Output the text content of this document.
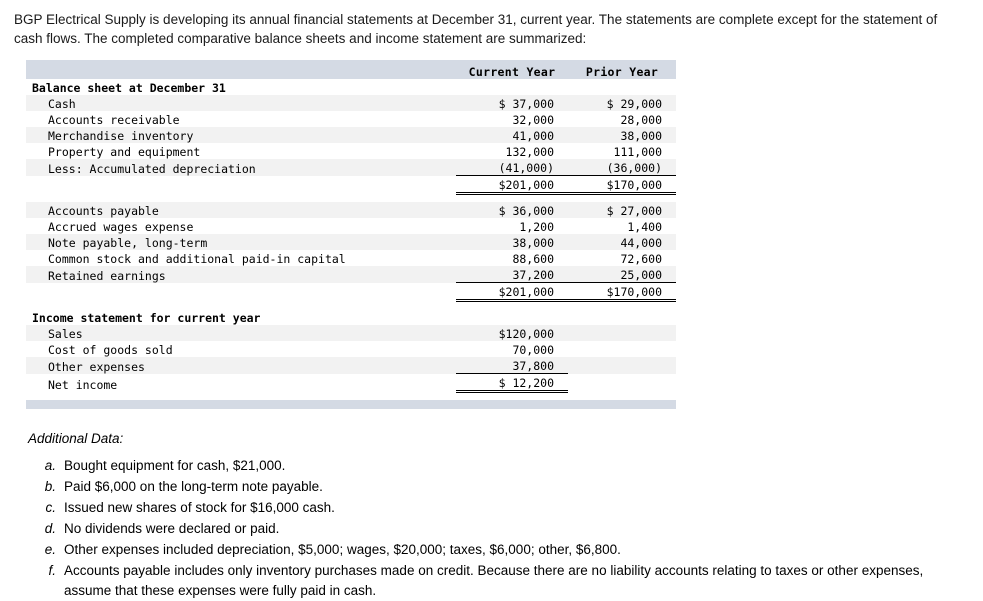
BGP Electrical Supply is developing its annual financial statements at December 31, current year. The statements are complete except for the statement of cash flows. The completed comparative balance sheets and income statement are summarized:

	Current Year	Prior Year
Balance sheet at December 31		
Cash	$ 37,000	$ 29,000
Accounts receivable	32,000	28,000
Merchandise inventory	41,000	38,000
Property and equipment	132,000	111,000
Less: Accumulated depreciation	(41,000)	(36,000)
	$201,000	$170,000

Accounts payable	$ 36,000	$ 27,000
Accrued wages expense	1,200	1,400
Note payable, long-term	38,000	44,000
Common stock and additional paid-in capital	88,600	72,600
Retained earnings	37,200	25,000
	$201,000	$170,000

Income statement for current year		
Sales	$120,000	
Cost of goods sold	70,000	
Other expenses	37,800	
Net income	$ 12,200	

Additional Data:
a. Bought equipment for cash, $21,000.
b. Paid $6,000 on the long-term note payable.
c. Issued new shares of stock for $16,000 cash.
d. No dividends were declared or paid.
e. Other expenses included depreciation, $5,000; wages, $20,000; taxes, $6,000; other, $6,800.
f. Accounts payable includes only inventory purchases made on credit. Because there are no liability accounts relating to taxes or other expenses, assume that these expenses were fully paid in cash.
